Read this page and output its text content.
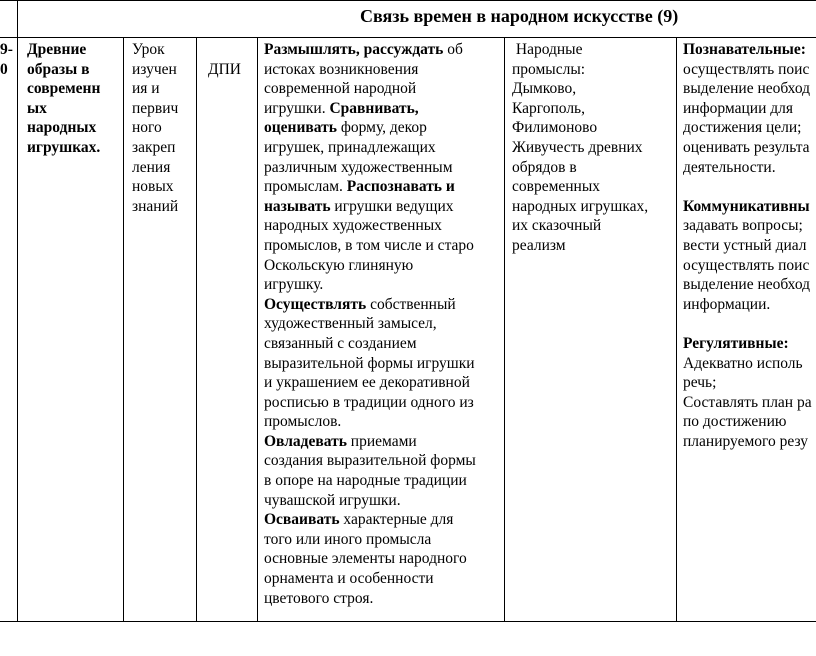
Связь времен в народном искусстве (9)
9-
0
Древние
образы в
современн
ых
народных
игрушках.
Урок
изучен
ия и
первич
ного
закреп
ления
новых
знаний
ДПИ
Размышлять, рассуждать об
истоках возникновения
современной народной
игрушки. Сравнивать,
оценивать форму, декор
игрушек, принадлежащих
различным художественным
промыслам. Распознавать и
называть игрушки ведущих
народных художественных
промыслов, в том числе и старо
Оскольскую глиняную
игрушку.
Осуществлять собственный
художественный замысел,
связанный с созданием
выразительной формы игрушки
и украшением ее декоративной
росписью в традиции одного из
промыслов.
Овладевать приемами
создания выразительной формы
в опоре на народные традиции
чувашской игрушки.
Осваивать характерные для
того или иного промысла
основные элементы народного
орнамента и особенности
цветового строя.
Народные
промыслы:
Дымково,
Каргополь,
Филимоново
Живучесть древних
обрядов в
современных
народных игрушках,
их сказочный
реализм
Познавательные:
осуществлять поис
выделение необход
информации для
достижения цели;
оценивать результа
деятельности.
Коммуникативны
задавать вопросы;
вести устный диал
осуществлять поис
выделение необход
информации.
Регулятивные:
Адекватно исполь
речь;
Составлять план ра
по достижению
планируемого резу
